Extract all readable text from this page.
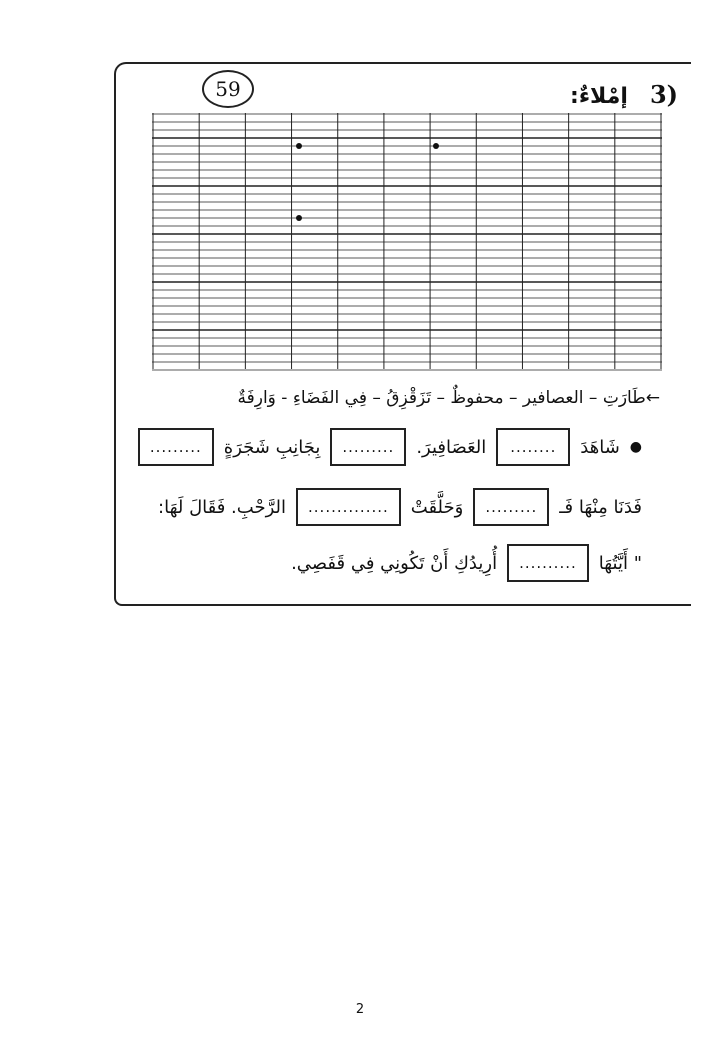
(3
إمْلاءٌ:
59
←طَارَتِ – العصافير – محفوظٌ – تَزَقْزِقُ – فِي الفَضَاءِ - وَارِفَةٌ
●
شَاهَدَ
........
العَصَافِيرَ.
.........
بِجَانِبِ شَجَرَةٍ
.........
فَدَنَا مِنْهَا فَـ
.........
وَحَلَّقَتْ
..............
الرَّحْبِ. فَقَالَ لَهَا:
" أَيَّتُهَا
..........
أُرِيدُكِ أَنْ تَكُونِي فِي قَفَصِي.
2
